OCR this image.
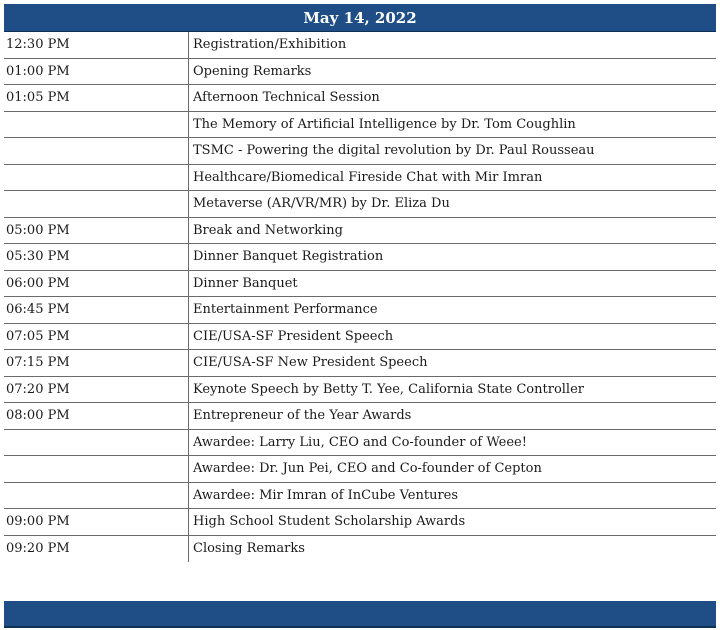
May 14, 2022
12:30 PM	Registration/Exhibition
01:00 PM	Opening Remarks
01:05 PM	Afternoon Technical Session
The Memory of Artificial Intelligence by Dr. Tom Coughlin
TSMC - Powering the digital revolution by Dr. Paul Rousseau
Healthcare/Biomedical Fireside Chat with Mir Imran
Metaverse (AR/VR/MR) by Dr. Eliza Du
05:00 PM	Break and Networking
05:30 PM	Dinner Banquet Registration
06:00 PM	Dinner Banquet
06:45 PM	Entertainment Performance
07:05 PM	CIE/USA-SF President Speech
07:15 PM	CIE/USA-SF New President Speech
07:20 PM	Keynote Speech by Betty T. Yee, California State Controller
08:00 PM	Entrepreneur of the Year Awards
Awardee: Larry Liu, CEO and Co-founder of Weee!
Awardee: Dr. Jun Pei, CEO and Co-founder of Cepton
Awardee: Mir Imran of InCube Ventures
09:00 PM	High School Student Scholarship Awards
09:20 PM	Closing Remarks
